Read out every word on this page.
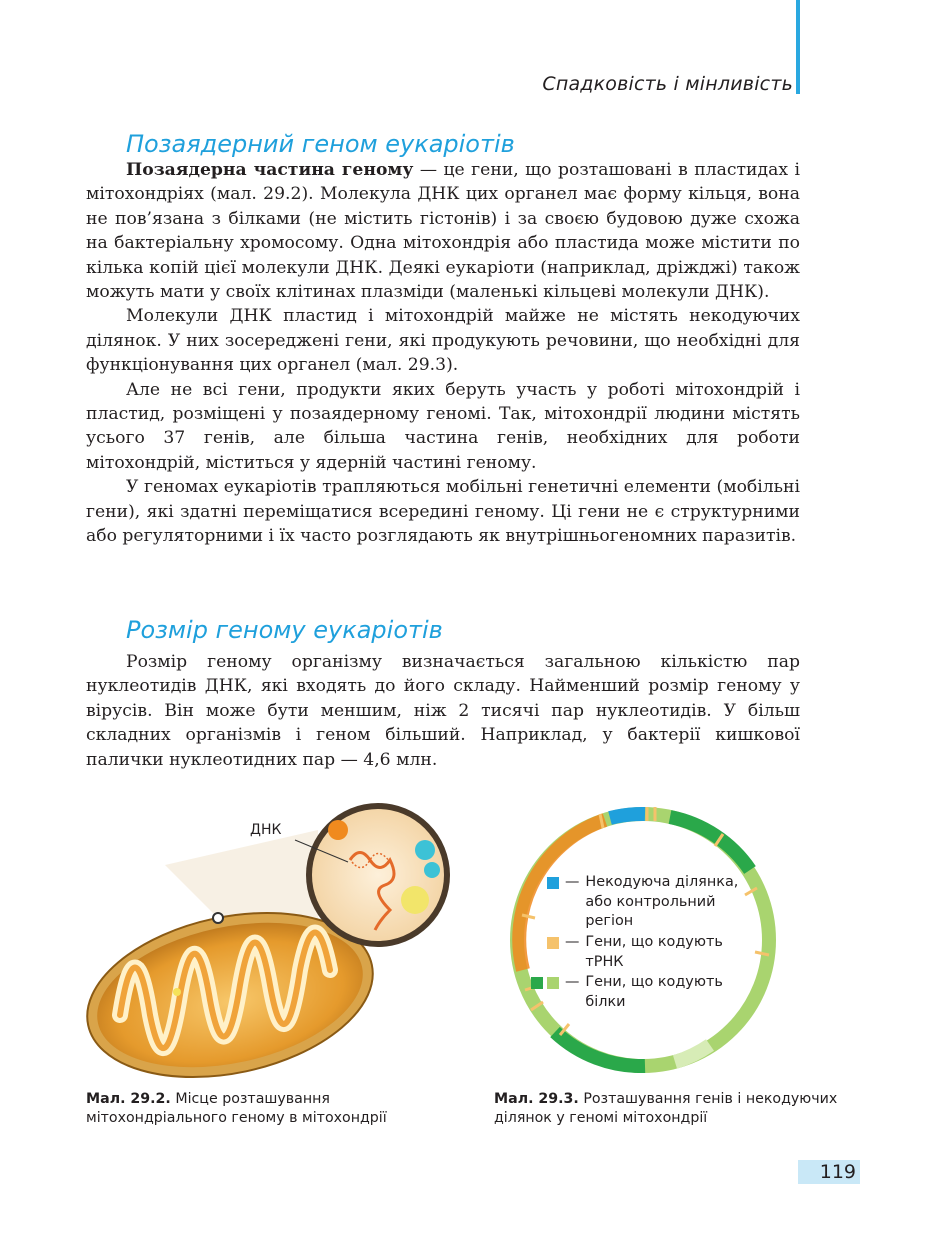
Спадковість і мінливість
Позаядерний геном еукаріотів

Позаядерна частина геному — це гени, що розташовані в пластидах і мітохондріях (мал. 29.2). Молекула ДНК цих органел має форму кільця, вона не пов’язана з білками (не містить гістонів) і за своєю будовою дуже схожа на бактеріальну хромосому. Одна мітохондрія або пластида може містити по кілька копій цієї молекули ДНК. Деякі еукаріоти (наприклад, дріжджі) також можуть мати у своїх клітинах плазміди (маленькі кільцеві молекули ДНК).

Молекули ДНК пластид і мітохондрій майже не містять некодуючих ділянок. У них зосереджені гени, які продукують речовини, що необхідні для функціонування цих органел (мал. 29.3).

Але не всі гени, продукти яких беруть участь у роботі мітохондрій і пластид, розміщені у позаядерному геномі. Так, мітохондрії людини містять усього 37 генів, але більша частина генів, необхідних для роботи мітохондрій, міститься у ядерній частині геному.

У геномах еукаріотів трапляються мобільні генетичні елементи (мобільні гени), які здатні переміщатися всередині геному. Ці гени не є структурними або регуляторними і їх часто розглядають як внутрішньогеномних паразитів.

Розмір геному еукаріотів

Розмір геному організму визначається загальною кількістю пар нуклеотидів ДНК, які входять до його складу. Найменший розмір геному у вірусів. Він може бути меншим, ніж 2 тисячі пар нуклеотидів. У більш складних організмів і геном більший. Наприклад, у бактерії кишкової палички нуклеотидних пар — 4,6 млн.

ДНК
Мал. 29.2. Місце розташування мітохондріального геному в мітохондрії
— Некодуюча ділянка, або контрольний регіон
— Гени, що кодують тРНК
— Гени, що кодують білки
Мал. 29.3. Розташування генів і некодуючих ділянок у геномі мітохондрії
119
